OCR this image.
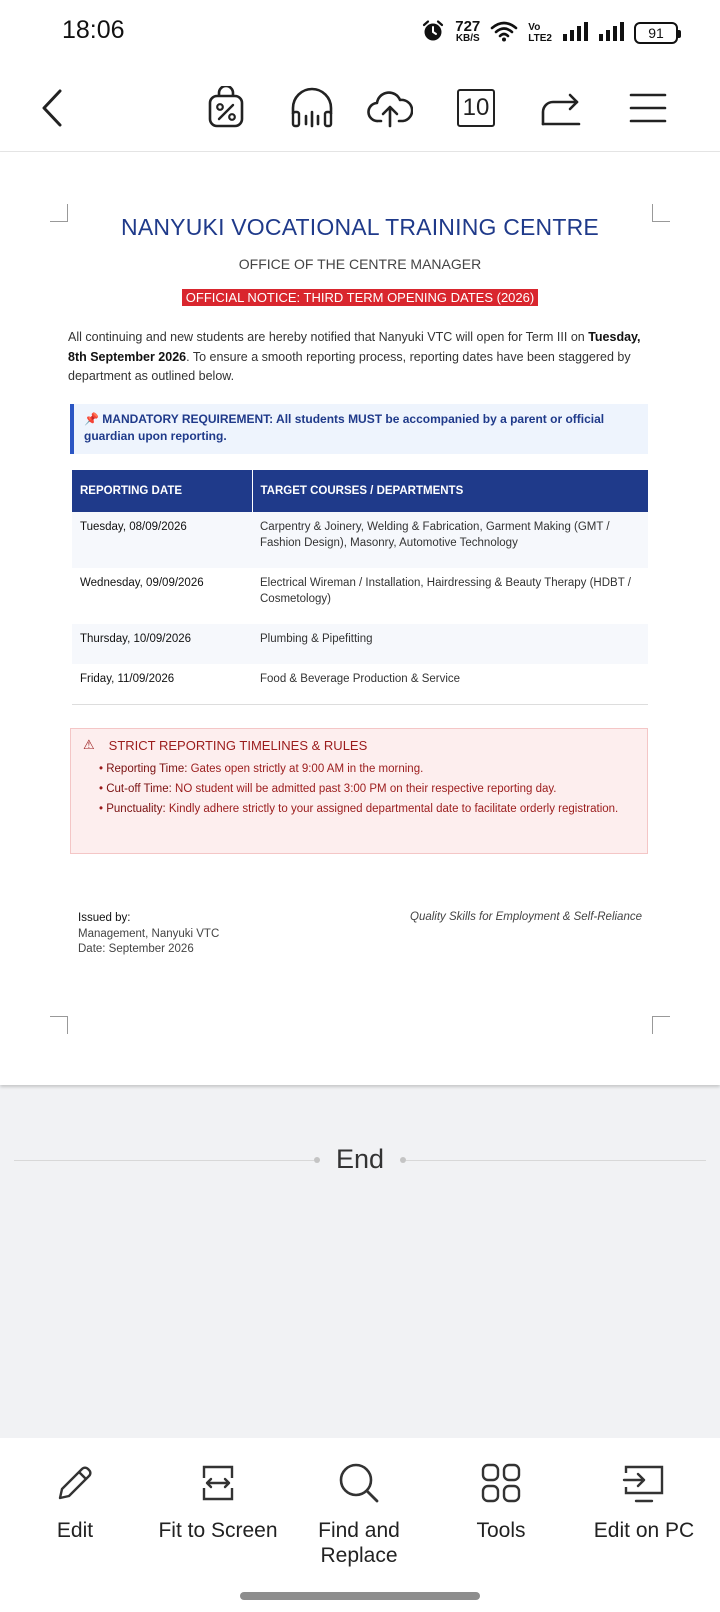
18:06	727
KB/S
Vo
LTE2	91
10
NANYUKI VOCATIONAL TRAINING CENTRE
OFFICE OF THE CENTRE MANAGER
OFFICIAL NOTICE: THIRD TERM OPENING DATES (2026)

All continuing and new students are hereby notified that Nanyuki VTC will open for Term III on Tuesday, 8th September 2026. To ensure a smooth reporting process, reporting dates have been staggered by department as outlined below.

📌 MANDATORY REQUIREMENT: All students MUST be accompanied by a parent or official guardian upon reporting.
REPORTING DATE	TARGET COURSES / DEPARTMENTS
Tuesday, 08/09/2026	Carpentry & Joinery, Welding & Fabrication, Garment Making (GMT / Fashion Design), Masonry, Automotive Technology
Wednesday, 09/09/2026	Electrical Wireman / Installation, Hairdressing & Beauty Therapy (HDBT / Cosmetology)
Thursday, 10/09/2026	Plumbing & Pipefitting
Friday, 11/09/2026	Food & Beverage Production & Service
⚠ STRICT REPORTING TIMELINES & RULES
• Reporting Time: Gates open strictly at 9:00 AM in the morning.
• Cut-off Time: NO student will be admitted past 3:00 PM on their respective reporting day.
• Punctuality: Kindly adhere strictly to your assigned departmental date to facilitate orderly registration.
Issued by:
Management, Nanyuki VTC
Date: September 2026
Quality Skills for Employment & Self-Reliance
End
Edit	Fit to Screen	Find and Replace
Tools	Edit on PC
